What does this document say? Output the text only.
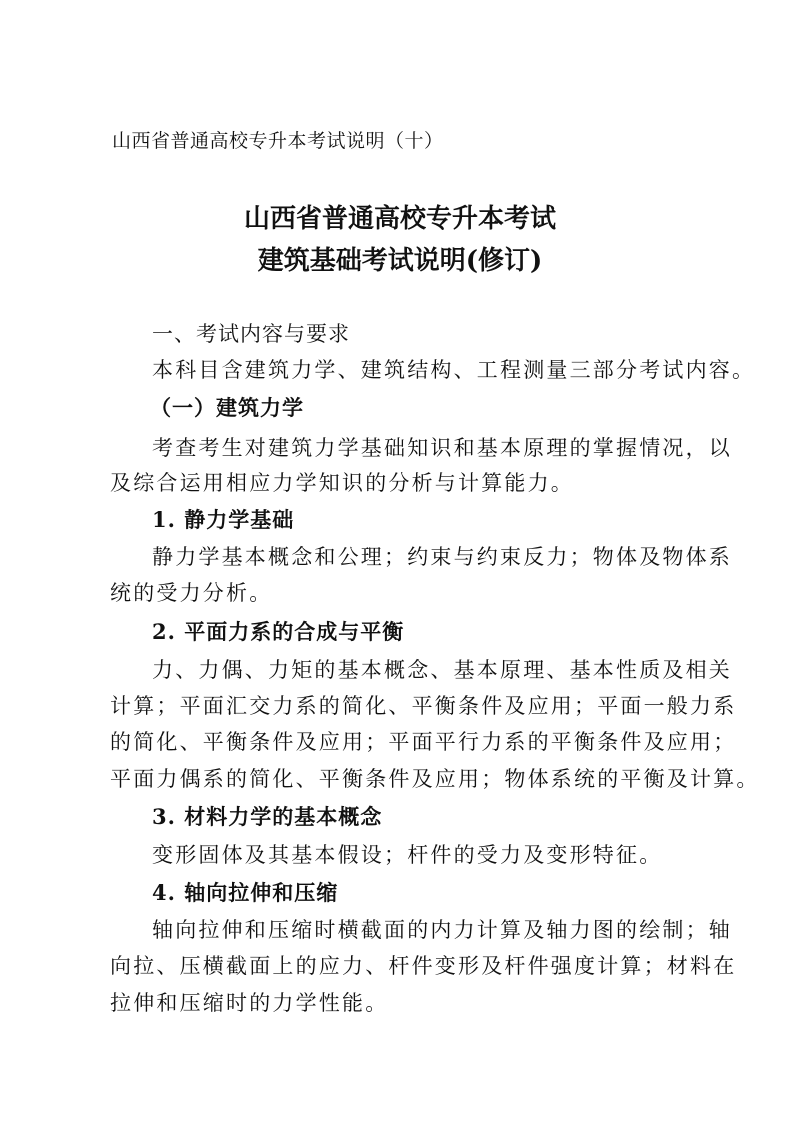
山西省普通高校专升本考试说明（十）
山西省普通高校专升本考试
建筑基础考试说明(修订)
一、考试内容与要求
本科目含建筑力学、建筑结构、工程测量三部分考试内容。
（一）建筑力学
考查考生对建筑力学基础知识和基本原理的掌握情况，以
及综合运用相应力学知识的分析与计算能力。
1. 静力学基础
静力学基本概念和公理；约束与约束反力；物体及物体系
统的受力分析。
2. 平面力系的合成与平衡
力、力偶、力矩的基本概念、基本原理、基本性质及相关
计算；平面汇交力系的简化、平衡条件及应用；平面一般力系
的简化、平衡条件及应用；平面平行力系的平衡条件及应用；
平面力偶系的简化、平衡条件及应用；物体系统的平衡及计算。
3. 材料力学的基本概念
变形固体及其基本假设；杆件的受力及变形特征。
4. 轴向拉伸和压缩
轴向拉伸和压缩时横截面的内力计算及轴力图的绘制；轴
向拉、压横截面上的应力、杆件变形及杆件强度计算；材料在
拉伸和压缩时的力学性能。
